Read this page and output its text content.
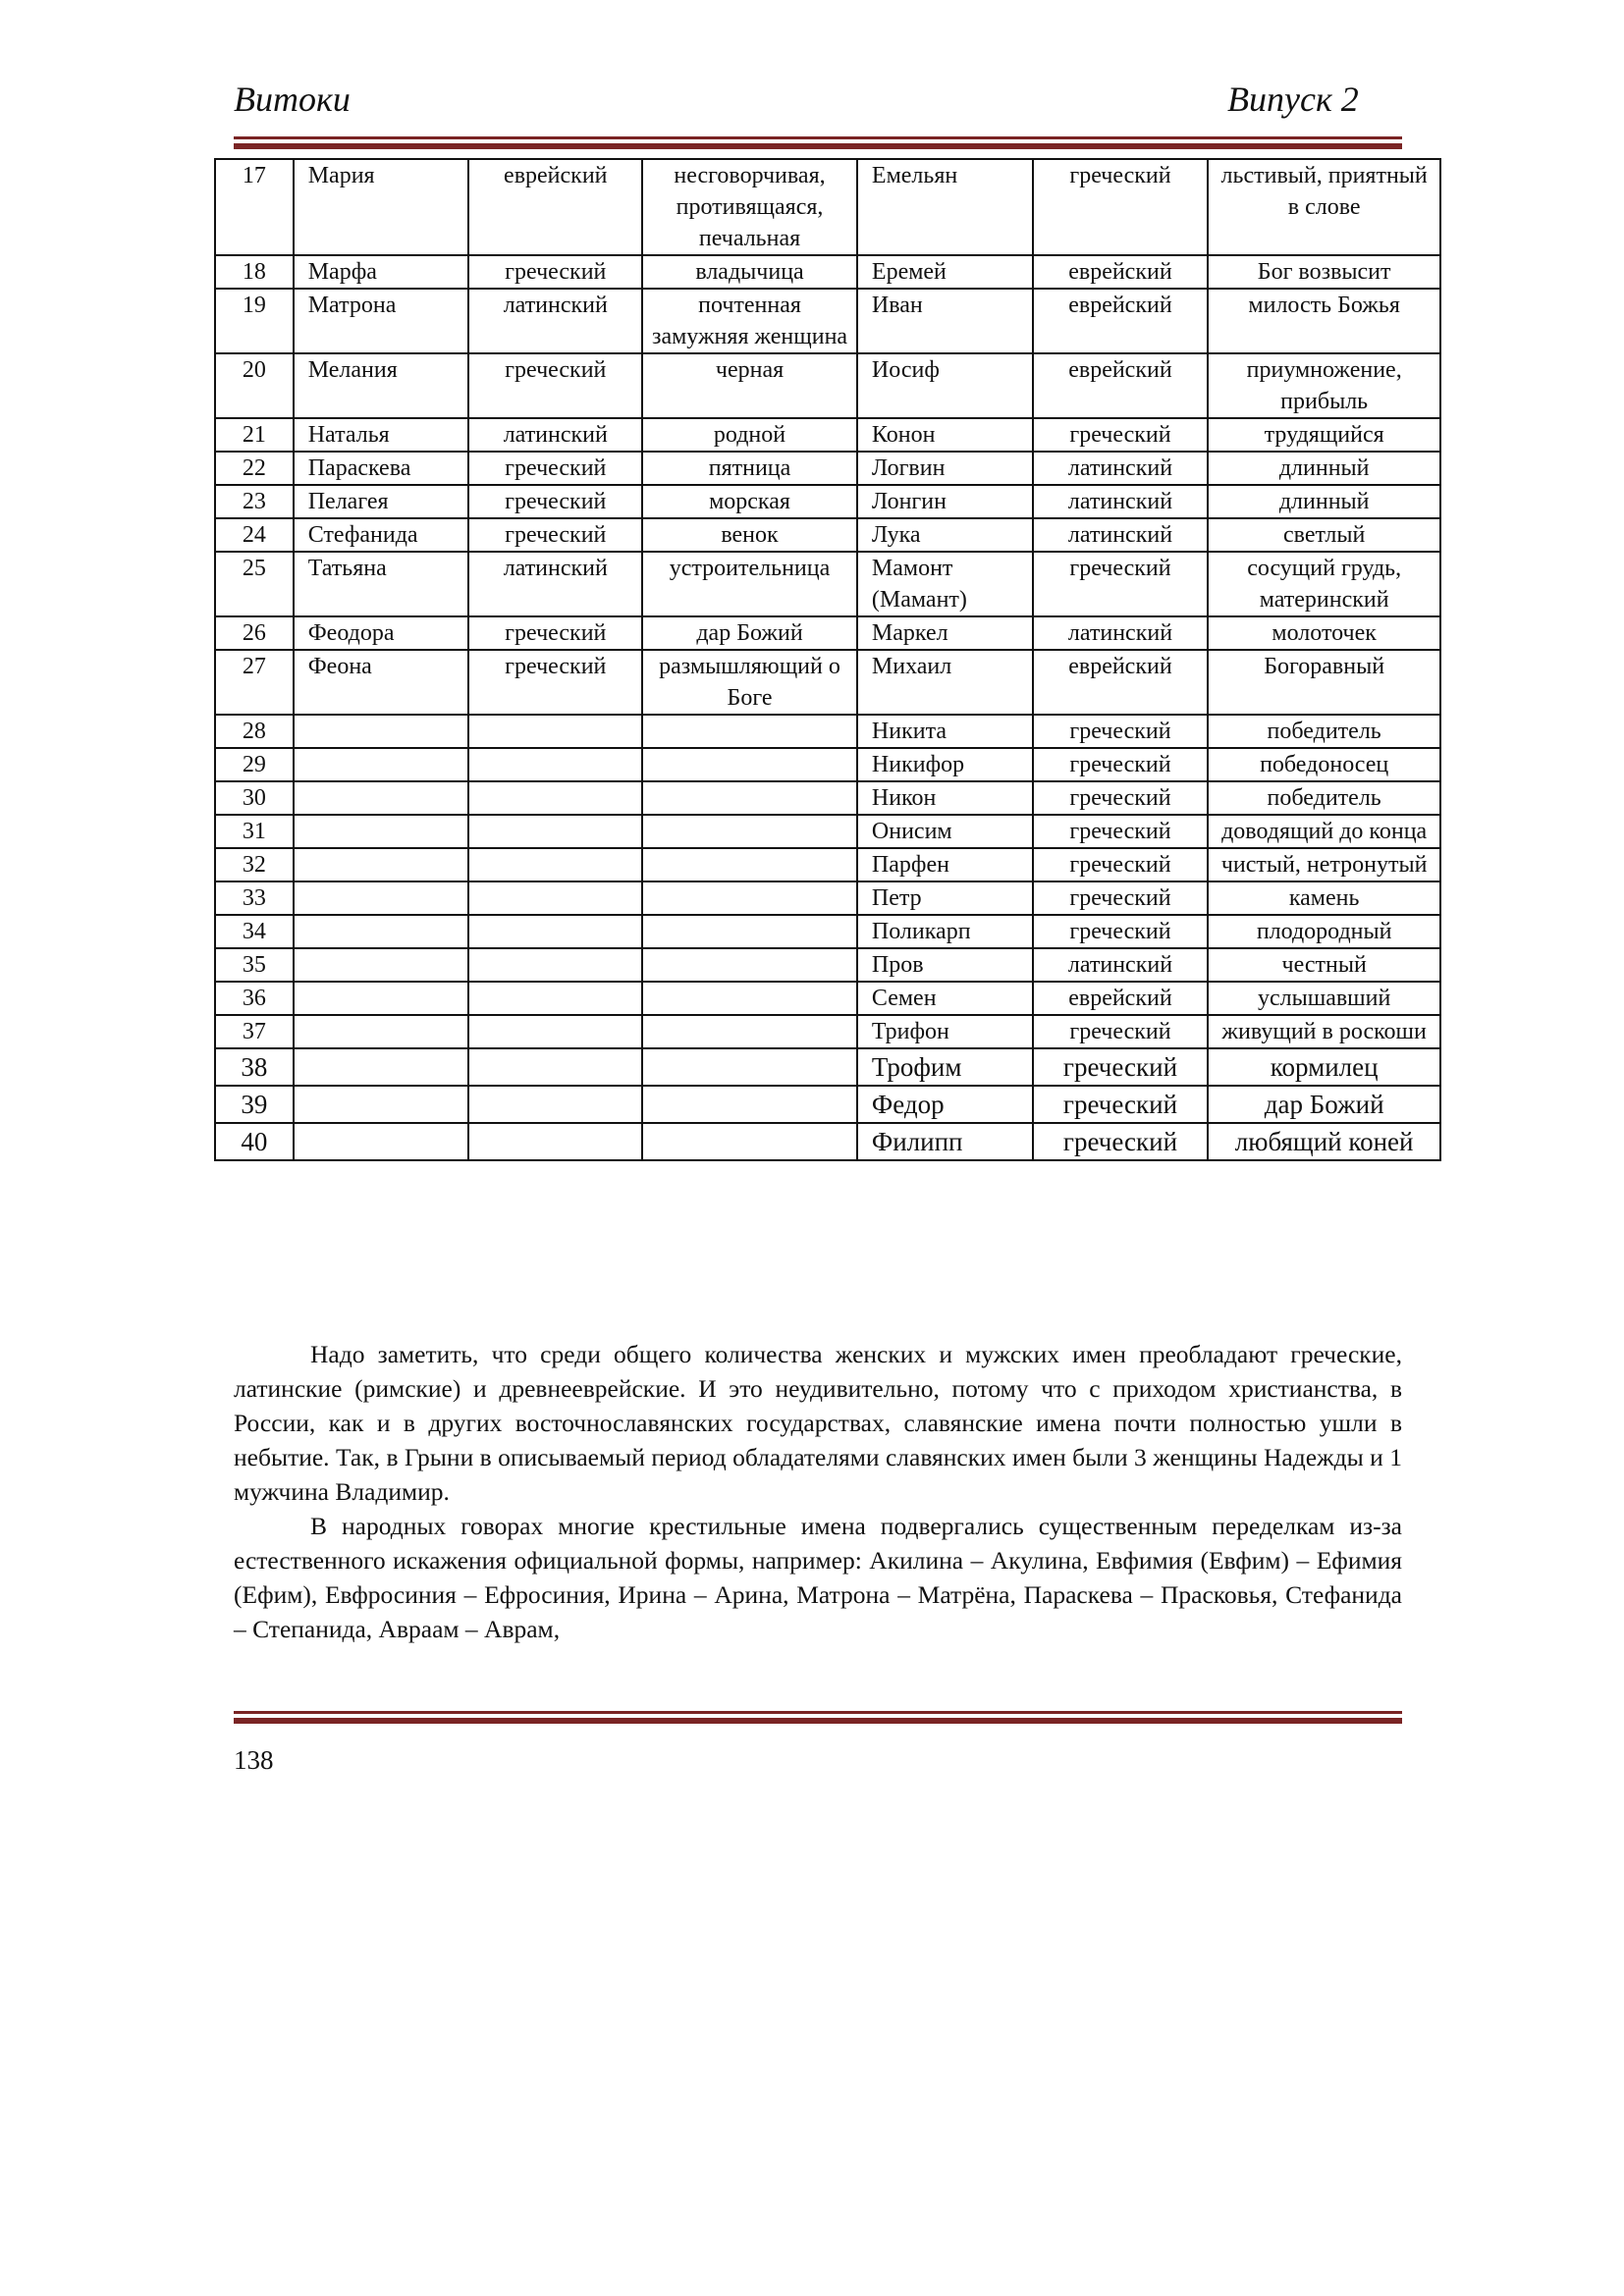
Витоки	Випуск 2
17	Мария	еврейский	несговорчивая, противящаяся, печальная	Емельян	греческий	льстивый, приятный в слове
18	Марфа	греческий	владычица	Еремей	еврейский	Бог возвысит
19	Матрона	латинский	почтенная замужняя женщина	Иван	еврейский	милость Божья
20	Мелания	греческий	черная	Иосиф	еврейский	приумножение, прибыль
21	Наталья	латинский	родной	Конон	греческий	трудящийся
22	Параскева	греческий	пятница	Логвин	латинский	длинный
23	Пелагея	греческий	морская	Лонгин	латинский	длинный
24	Стефанида	греческий	венок	Лука	латинский	светлый
25	Татьяна	латинский	устроительница	Мамонт (Мамант)	греческий	сосущий грудь, материнский
26	Феодора	греческий	дар Божий	Маркел	латинский	молоточек
27	Феона	греческий	размышляющий о Боге	Михаил	еврейский	Богоравный
28				Никита	греческий	победитель
29				Никифор	греческий	победоносец
30				Никон	греческий	победитель
31				Онисим	греческий	доводящий до конца
32				Парфен	греческий	чистый, нетронутый
33				Петр	греческий	камень
34				Поликарп	греческий	плодородный
35				Пров	латинский	честный
36				Семен	еврейский	услышавший
37				Трифон	греческий	живущий в роскоши
38				Трофим	греческий	кормилец
39				Федор	греческий	дар Божий
40				Филипп	греческий	любящий коней

Надо заметить, что среди общего количества женских и мужских имен преобладают греческие, латинские (римские) и древнееврейские. И это неудивительно, потому что с приходом христианства, в России, как и в других восточнославянских государствах, славянские имена почти полностью ушли в небытие. Так, в Грыни в описываемый период обладателями славянских имен были 3 женщины Надежды и 1 мужчина Владимир.

В народных говорах многие крестильные имена подвергались существенным переделкам из-за естественного искажения официальной формы, например: Акилина – Акулина, Евфимия (Евфим) – Ефимия (Ефим), Евфросиния – Ефросиния, Ирина – Арина, Матрона – Матрёна, Параскева – Прасковья, Стефанида – Степанида, Авраам – Аврам,

138
